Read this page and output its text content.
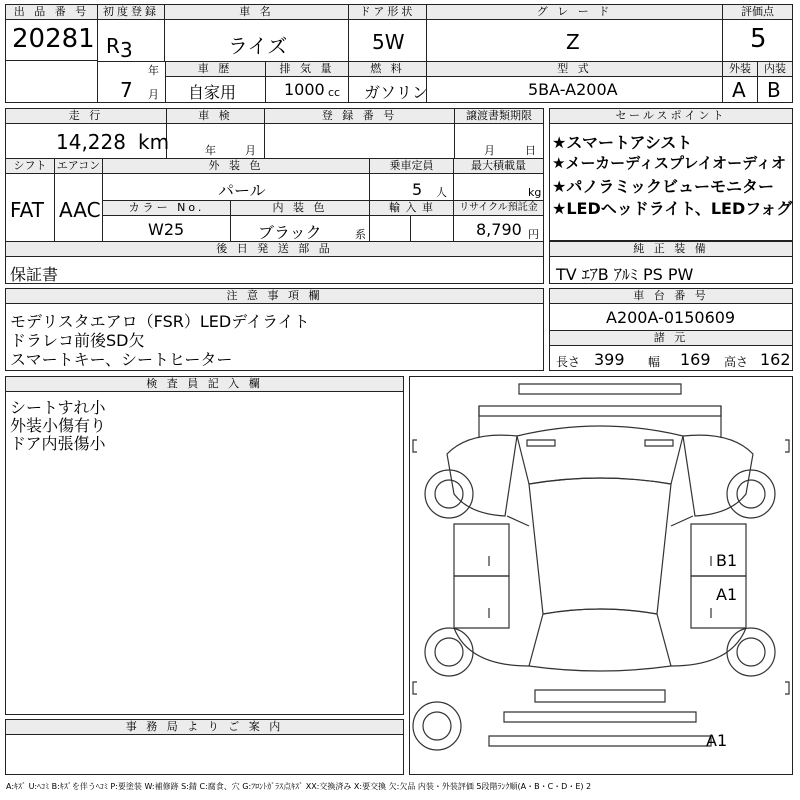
出 品 番 号
20281
初度登録
R 3
年
7 月
車 名
ライズ
ドア形状
5W
グ レ ー ド
Z
評価点
5
車 歴
自家用
排 気 量
1000 cc
燃 料
ガソリン
型 式
5BA-A200A
外装	内装
A B
走 行
14,228 km
車 検
年	月
登 録 番 号	譲渡書類期限
月	日
シフト
FAT
エアコン
AAC
外 装 色
パール
乗車定員
5 人
最大積載量
kg
カラー No.
W25
内 装 色
ブラック	系
輸 入 車	リサイクル預託金
8,790 円
後 日 発 送 部 品
保証書
セールスポイント
★スマートアシスト
★メーカーディスプレイオーディオ
★パノラミックビューモニター
★LEDヘッドライト、LEDフォグ
純 正 装 備
TV ｴｱB ｱﾙﾐ PS PW
注 意 事 項 欄
モデリスタエアロ（FSR）LEDデイライト
ドラレコ前後SD欠
スマートキー、シートヒーター
車 台 番 号
A200A-0150609
諸 元
長さ 399 幅 169 高さ 162
検 査 員 記 入 欄
シートすれ小
外装小傷有り
ドア内張傷小
事 務 局 よ り ご 案 内
B1
A1
A1
A:ｷｽﾞ U:ﾍｺﾐ B:ｷｽﾞを伴うﾍｺﾐ P:要塗装 W:補修跡 S:錆 C:腐食、穴 G:ﾌﾛﾝﾄｶﾞﾗｽ点ｷｽﾞ XX:交換済み X:要交換 欠:欠品 内装・外装評価 5段階ﾗﾝｸ順(A・B・C・D・E) 2
